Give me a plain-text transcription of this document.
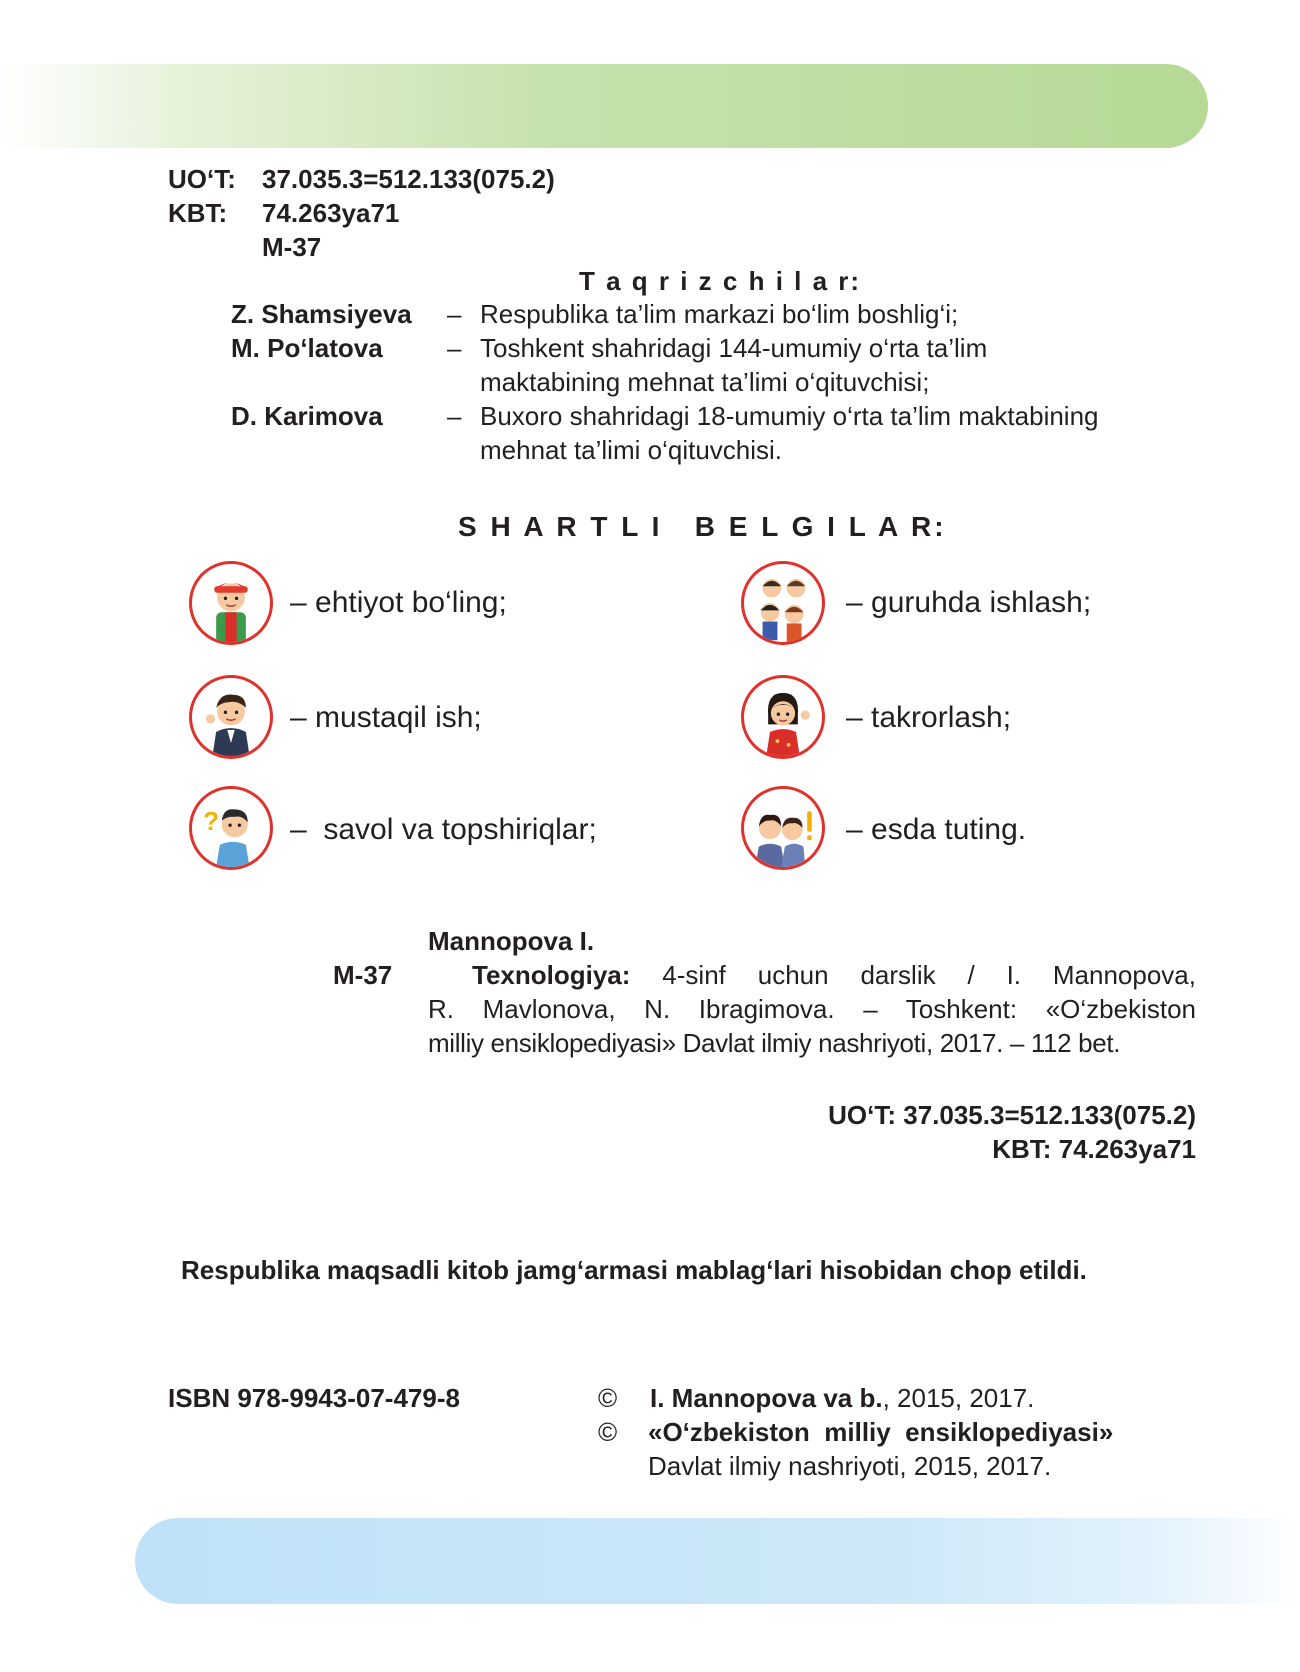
UO‘T: 37.035.3=512.133(075.2)
KBT: 74.263ya71
M-37
T a q r i z c h i l a r:
Z. Shamsiyeva – Respublika ta’lim markazi bo‘lim boshlig‘i;
M. Po‘latova – Toshkent shahridagi 144-umumiy o‘rta ta’lim
maktabining mehnat ta’limi o‘qituvchisi;
D. Karimova – Buxoro shahridagi 18-umumiy o‘rta ta’lim maktabining
mehnat ta’limi o‘qituvchisi.
S H A R T L I   B E L G I L A R:
– ehtiyot bo‘ling;	– guruhda ishlash;
– mustaqil ish;	– takrorlash;
? –  savol va topshiriqlar;	– esda tuting.
Mannopova I.
M-37	Texnologiya: 4-sinf uchun darslik / I. Mannopova,
R. Mavlonova, N. Ibragimova. – Toshkent: «O‘zbekiston
milliy ensiklopediyasi» Davlat ilmiy nashriyoti, 2017. – 112 bet.
UO‘T: 37.035.3=512.133(075.2)
KBT: 74.263ya71
Respublika maqsadli kitob jamg‘armasi mablag‘lari hisobidan chop etildi.
ISBN 978-9943-07-479-8	© I. Mannopova va b., 2015, 2017.
© «O‘zbekiston  milliy  ensiklopediyasi»
Davlat ilmiy nashriyoti, 2015, 2017.
